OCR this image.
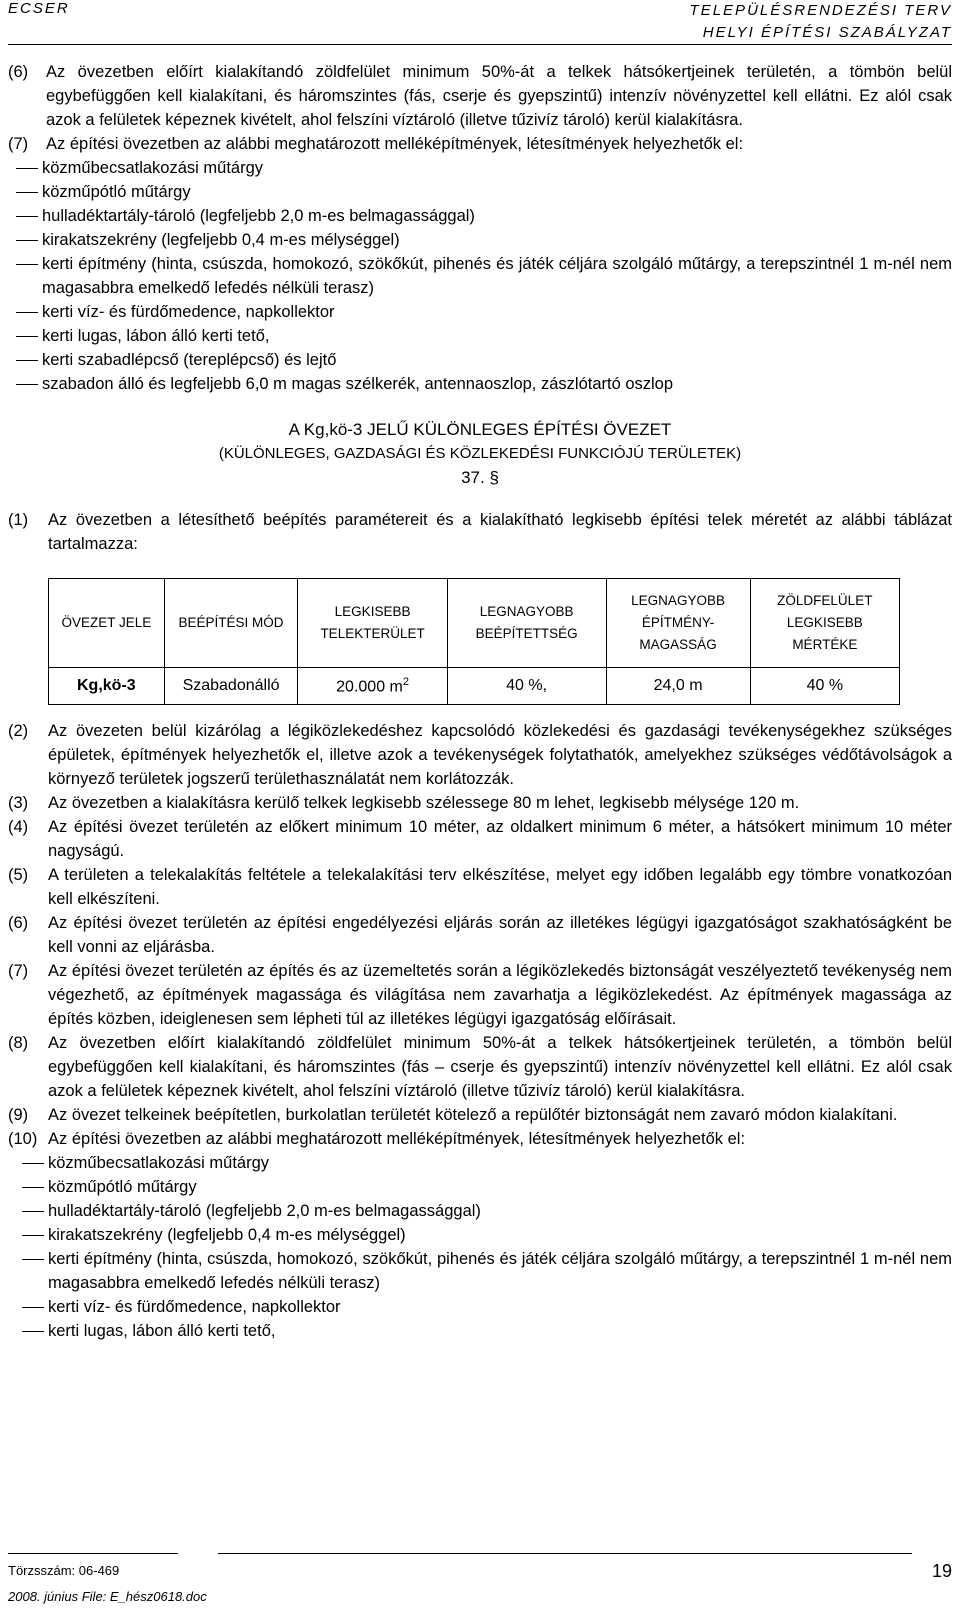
ECSER	TELEPÜLÉSRENDEZÉSI TERV
HELYI ÉPÍTÉSI SZABÁLYZAT
(6)	Az övezetben előírt kialakítandó zöldfelület minimum 50%-át a telkek hátsókertjeinek területén, a tömbön belül egybefüggően kell kialakítani, és háromszintes (fás, cserje és gyepszintű) intenzív növényzettel kell ellátni. Ez alól csak azok a felületek képeznek kivételt, ahol felszíni víztároló (illetve tűzivíz tároló) kerül kialakításra.
(7)	Az építési övezetben az alábbi meghatározott melléképítmények, létesítmények helyezhetők el:
közműbecsatlakozási műtárgy
közműpótló műtárgy
hulladéktartály-tároló (legfeljebb 2,0 m-es belmagassággal)
kirakatszekrény (legfeljebb 0,4 m-es mélységgel)
kerti építmény (hinta, csúszda, homokozó, szökőkút, pihenés és játék céljára szolgáló műtárgy, a terepszintnél 1 m-nél nem magasabbra emelkedő lefedés nélküli terasz)
kerti víz- és fürdőmedence, napkollektor
kerti lugas, lábon álló kerti tető,
kerti szabadlépcső (tereplépcső) és lejtő
szabadon álló és legfeljebb 6,0 m magas szélkerék, antennaoszlop, zászlótartó oszlop
A Kg,kö-3 JELŰ KÜLÖNLEGES ÉPÍTÉSI ÖVEZET
(KÜLÖNLEGES, GAZDASÁGI ÉS KÖZLEKEDÉSI FUNKCIÓJÚ TERÜLETEK)
37. §
(1)	Az övezetben a létesíthető beépítés paramétereit és a kialakítható legkisebb építési telek méretét az alábbi táblázat tartalmazza:
ÖVEZET JELE	BEÉPÍTÉSI MÓD	LEGKISEBB TELEKTERÜLET	LEGNAGYOBB BEÉPÍTETTSÉG	LEGNAGYOBB ÉPÍTMÉNY-MAGASSÁG	ZÖLDFELÜLET LEGKISEBB MÉRTÉKE
Kg,kö-3	Szabadonálló	20.000 $m^2$	40 %,	24,0 m	40 %
(2)	Az övezeten belül kizárólag a légiközlekedéshez kapcsolódó közlekedési és gazdasági tevékenységekhez szükséges épületek, építmények helyezhetők el, illetve azok a tevékenységek folytathatók, amelyekhez szükséges védőtávolságok a környező területek jogszerű területhasználatát nem korlátozzák.
(3)	Az övezetben a kialakításra kerülő telkek legkisebb szélessege 80 m lehet, legkisebb mélysége 120 m.
(4)	Az építési övezet területén az előkert minimum 10 méter, az oldalkert minimum 6 méter, a hátsókert minimum 10 méter nagyságú.
(5)	A területen a telekalakítás feltétele a telekalakítási terv elkészítése, melyet egy időben legalább egy tömbre vonatkozóan kell elkészíteni.
(6)	Az építési övezet területén az építési engedélyezési eljárás során az illetékes légügyi igazgatóságot szakhatóságként be kell vonni az eljárásba.
(7)	Az építési övezet területén az építés és az üzemeltetés során a légiközlekedés biztonságát veszélyeztető tevékenység nem végezhető, az építmények magassága és világítása nem zavarhatja a légiközlekedést. Az építmények magassága az építés közben, ideiglenesen sem lépheti túl az illetékes légügyi igazgatóság előírásait.
(8)	Az övezetben előírt kialakítandó zöldfelület minimum 50%-át a telkek hátsókertjeinek területén, a tömbön belül egybefüggően kell kialakítani, és háromszintes (fás – cserje és gyepszintű) intenzív növényzettel kell ellátni. Ez alól csak azok a felületek képeznek kivételt, ahol felszíni víztároló (illetve tűzivíz tároló) kerül kialakításra.
(9)	Az övezet telkeinek beépítetlen, burkolatlan területét kötelező a repülőtér biztonságát nem zavaró módon kialakítani.
(10) Az építési övezetben az alábbi meghatározott melléképítmények, létesítmények helyezhetők el:
közműbecsatlakozási műtárgy
közműpótló műtárgy
hulladéktartály-tároló (legfeljebb 2,0 m-es belmagassággal)
kirakatszekrény (legfeljebb 0,4 m-es mélységgel)
kerti építmény (hinta, csúszda, homokozó, szökőkút, pihenés és játék céljára szolgáló műtárgy, a terepszintnél 1 m-nél nem magasabbra emelkedő lefedés nélküli terasz)
kerti víz- és fürdőmedence, napkollektor
kerti lugas, lábon álló kerti tető,
Törzsszám: 06-469
2008. június File: E_hész0618.doc
19
